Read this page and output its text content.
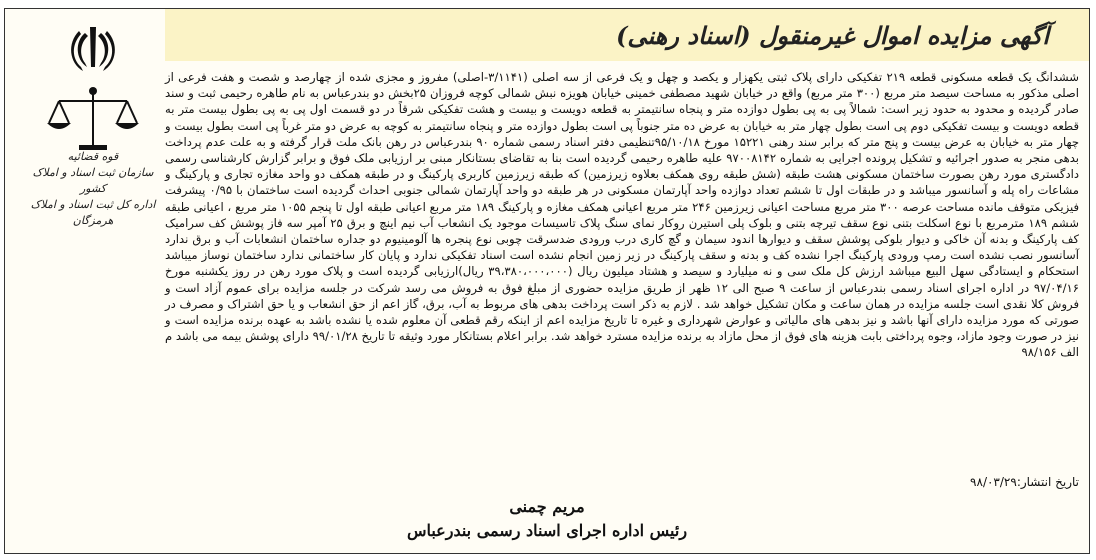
آگهی مزایده اموال غیرمنقول (اسناد رهنی)
قوه قضائیه
سازمان ثبت اسناد و املاک کشور
اداره کل ثبت اسناد و املاک هرمزگان

ششدانگ یک قطعه مسکونی قطعه ۲۱۹ تفکیکی دارای پلاک ثبتی یکهزار و یکصد و چهل و یک فرعی از سه اصلی (۳/۱۱۴۱-اصلی) مفروز و مجزی شده از چهارصد و شصت و هفت فرعی از اصلی مذکور به مساحت سیصد متر مربع (۳۰۰ متر مربع) واقع در خیابان شهید مصطفی خمینی خیابان هویزه نبش شمالی کوچه فروزان ۲۵بخش دو بندرعباس به نام طاهره رحیمی ثبت و سند صادر گردیده و محدود به حدود زیر است: شمالاً پی به پی بطول دوازده متر و پنجاه سانتیمتر به قطعه دویست و بیست و هشت تفکیکی شرقاً در دو قسمت اول پی به پی بطول بیست متر به قطعه دویست و بیست تفکیکی دوم پی است بطول چهار متر به خیابان به عرض ده متر جنوباً پی است بطول دوازده متر و پنجاه سانتیمتر به کوچه به عرض دو متر غرباً پی است بطول بیست و چهار متر به خیابان به عرض بیست و پنج متر که برابر سند رهنی ۱۵۲۲۱ مورخ ۹۵/۱۰/۱۸تنظیمی دفتر اسناد رسمی شماره ۹۰ بندرعباس در رهن بانک ملت قرار گرفته و به علت عدم پرداخت بدهی منجر به صدور اجرائیه و تشکیل پرونده اجرایی به شماره ۹۷۰۰۸۱۴۲ علیه طاهره رحیمی گردیده است بنا به تقاضای بستانکار مبنی بر ارزیابی ملک فوق و برابر گزارش کارشناسی رسمی دادگستری مورد رهن بصورت ساختمان مسکونی هشت طبقه (شش طبقه روی همکف بعلاوه زیرزمین) که طبقه زیرزمین کاربری پارکینگ و در طبقه همکف دو واحد مغازه تجاری و پارکینگ و مشاعات راه پله و آسانسور میباشد و در طبقات اول تا ششم تعداد دوازده واحد آپارتمان مسکونی در هر طبقه دو واحد آپارتمان شمالی جنوبی احداث گردیده است ساختمان با ۰/۹۵ پیشرفت فیزیکی متوقف مانده مساحت عرصه ۳۰۰ متر مربع مساحت اعیانی زیرزمین ۲۴۶ متر مربع اعیانی همکف مغازه و پارکینگ ۱۸۹ متر مربع اعیانی طبقه اول تا پنجم ۱۰۵۵ متر مربع ، اعیانی طبقه ششم ۱۸۹ مترمربع با نوع اسکلت بتنی نوع سقف تیرچه بتنی و بلوک پلی استیرن روکار نمای سنگ پلاک تاسیسات موجود یک انشعاب آب نیم اینچ و برق ۲۵ آمپر سه فاز پوشش کف سرامیک کف پارکینگ و بدنه آن خاکی و دیوار بلوکی پوشش سقف و دیوارها اندود سیمان و گچ کاری درب ورودی ضدسرقت چوبی نوع پنجره ها آلومینیوم دو جداره ساختمان انشعابات آب و برق ندارد آسانسور نصب نشده است رمپ ورودی پارکینگ اجرا نشده کف و بدنه و سقف پارکینگ در زیر زمین انجام نشده است اسناد تفکیکی ندارد و پایان کار ساختمانی ندارد ساختمان نوساز میباشد استحکام و ایستادگی سهل البیع میباشد ارزش کل ملک سی و نه میلیارد و سیصد و هشتاد میلیون ریال (۳۹،۳۸۰،۰۰۰،۰۰۰ ریال)ارزیابی گردیده است و پلاک مورد رهن در روز یکشنبه مورخ ۹۷/۰۴/۱۶ در اداره اجرای اسناد رسمی بندرعباس از ساعت ۹ صبح الی ۱۲ ظهر از طریق مزایده حضوری از مبلغ فوق به فروش می رسد شرکت در جلسه مزایده برای عموم آزاد است و فروش کلا نقدی است جلسه مزایده در همان ساعت و مکان تشکیل خواهد شد . لازم به ذکر است پرداخت بدهی های مربوط به آب، برق، گاز اعم از حق انشعاب و یا حق اشتراک و مصرف در صورتی که مورد مزایده دارای آنها باشد و نیز بدهی های مالیاتی و عوارض شهرداری و غیره تا تاریخ مزایده اعم از اینکه رقم قطعی آن معلوم شده یا نشده باشد به عهده برنده مزایده است و نیز در صورت وجود مازاد، وجوه پرداختی بابت هزینه های فوق از محل مازاد به برنده مزایده مسترد خواهد شد. برابر اعلام بستانکار مورد وثیقه تا تاریخ ۹۹/۰۱/۲۸ دارای پوشش بیمه می باشد م الف ۹۸/۱۵۶

تاریخ انتشار:۹۸/۰۳/۲۹
مریم چمنی
رئیس اداره اجرای اسناد رسمی بندرعباس
